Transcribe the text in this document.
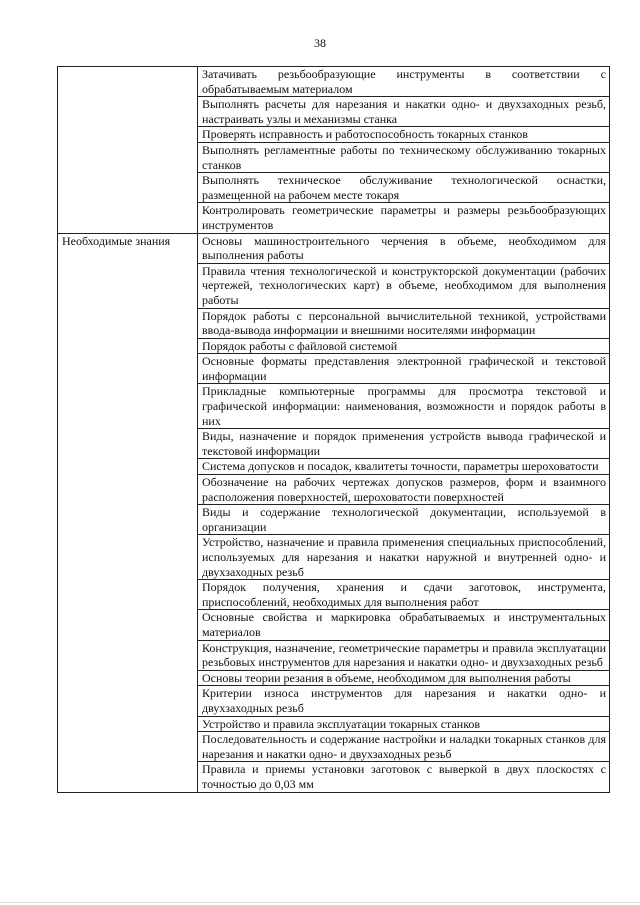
38
	Затачивать резьбообразующие инструменты в соответствии с обрабатываемым материалом
	Выполнять расчеты для нарезания и накатки одно- и двухзаходных резьб, настраивать узлы и механизмы станка
	Проверять исправность и работоспособность токарных станков
	Выполнять регламентные работы по техническому обслуживанию токарных станков
	Выполнять техническое обслуживание технологической оснастки, размещенной на рабочем месте токаря
	Контролировать геометрические параметры и размеры резьбообразующих инструментов
Необходимые знания	Основы машиностроительного черчения в объеме, необходимом для выполнения работы
	Правила чтения технологической и конструкторской документации (рабочих чертежей, технологических карт) в объеме, необходимом для выполнения работы
	Порядок работы с персональной вычислительной техникой, устройствами ввода-вывода информации и внешними носителями информации
	Порядок работы с файловой системой
	Основные форматы представления электронной графической и текстовой информации
	Прикладные компьютерные программы для просмотра текстовой и графической информации: наименования, возможности и порядок работы в них
	Виды, назначение и порядок применения устройств вывода графической и текстовой информации
	Система допусков и посадок, квалитеты точности, параметры шероховатости
	Обозначение на рабочих чертежах допусков размеров, форм и взаимного расположения поверхностей, шероховатости поверхностей
	Виды и содержание технологической документации, используемой в организации
	Устройство, назначение и правила применения специальных приспособлений, используемых для нарезания и накатки наружной и внутренней одно- и двухзаходных резьб
	Порядок получения, хранения и сдачи заготовок, инструмента, приспособлений, необходимых для выполнения работ
	Основные свойства и маркировка обрабатываемых и инструментальных материалов
	Конструкция, назначение, геометрические параметры и правила эксплуатации резьбовых инструментов для нарезания и накатки одно- и двухзаходных резьб
	Основы теории резания в объеме, необходимом для выполнения работы
	Критерии износа инструментов для нарезания и накатки одно- и двухзаходных резьб
	Устройство и правила эксплуатации токарных станков
	Последовательность и содержание настройки и наладки токарных станков для нарезания и накатки одно- и двухзаходных резьб
	Правила и приемы установки заготовок с выверкой в двух плоскостях с точностью до 0,03 мм
